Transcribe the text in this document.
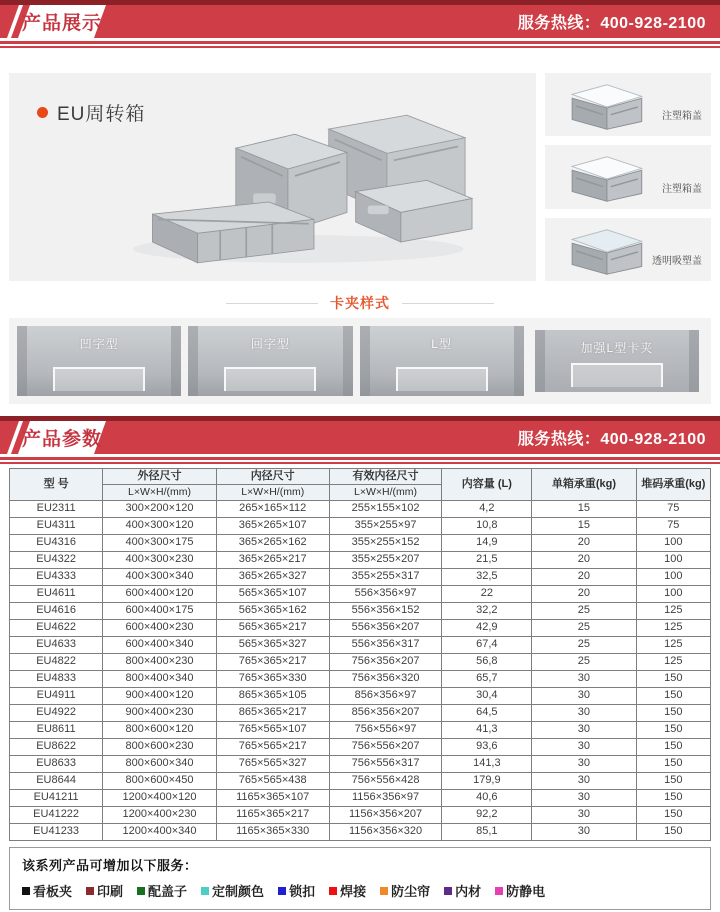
产品展示	服务热线：400-928-2100
EU周转箱	注塑箱盖
注塑箱盖
透明吸塑盖
卡夹样式
凹字型	回字型	L型	加强L型卡夹
产品参数	服务热线：400-928-2100
型 号	外径尺寸	内径尺寸	有效内径尺寸	内容量 (L)	单箱承重(kg)	堆码承重(kg)
	L×W×H/(mm)	L×W×H/(mm)	L×W×H/(mm)			
EU2311	300×200×120	265×165×112	255×155×102	4,2	15	75
EU4311	400×300×120	365×265×107	355×255×97	10,8	15	75
EU4316	400×300×175	365×265×162	355×255×152	14,9	20	100
EU4322	400×300×230	365×265×217	355×255×207	21,5	20	100
EU4333	400×300×340	365×265×327	355×255×317	32,5	20	100
EU4611	600×400×120	565×365×107	556×356×97	22	20	100
EU4616	600×400×175	565×365×162	556×356×152	32,2	25	125
EU4622	600×400×230	565×365×217	556×356×207	42,9	25	125
EU4633	600×400×340	565×365×327	556×356×317	67,4	25	125
EU4822	800×400×230	765×365×217	756×356×207	56,8	25	125
EU4833	800×400×340	765×365×330	756×356×320	65,7	30	150
EU4911	900×400×120	865×365×105	856×356×97	30,4	30	150
EU4922	900×400×230	865×365×217	856×356×207	64,5	30	150
EU8611	800×600×120	765×565×107	756×556×97	41,3	30	150
EU8622	800×600×230	765×565×217	756×556×207	93,6	30	150
EU8633	800×600×340	765×565×327	756×556×317	141,3	30	150
EU8644	800×600×450	765×565×438	756×556×428	179,9	30	150
EU41211	1200×400×120	1165×365×107	1156×356×97	40,6	30	150
EU41222	1200×400×230	1165×365×217	1156×356×207	92,2	30	150
EU41233	1200×400×340	1165×365×330	1156×356×320	85,1	30	150
该系列产品可增加以下服务：
看板夹 印刷 配盖子 定制颜色 锁扣 焊接 防尘帘 内材 防静电
